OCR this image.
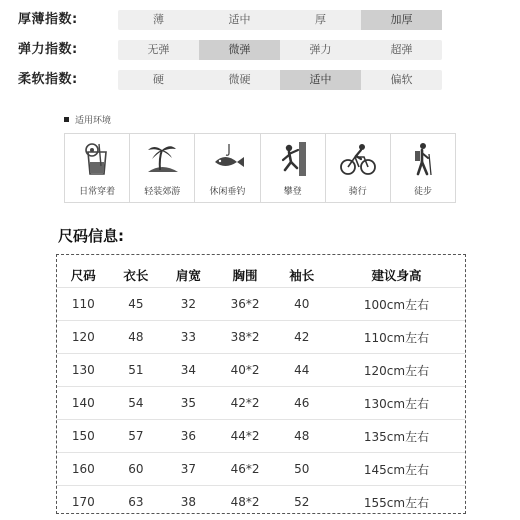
厚薄指数:	薄	适中	厚	加厚
弹力指数:	无弹	微弹	弹力	超弹
柔软指数:	硬	微硬	适中	偏软
适用环境
日常穿着	轻装郊游	休闲垂钓	攀登	骑行	徒步
尺码信息:
尺码	衣长	肩宽	胸围	袖长	建议身高
110	45	32	36*2	40	100cm左右
120	48	33	38*2	42	110cm左右
130	51	34	40*2	44	120cm左右
140	54	35	42*2	46	130cm左右
150	57	36	44*2	48	135cm左右
160	60	37	46*2	50	145cm左右
170	63	38	48*2	52	155cm左右
